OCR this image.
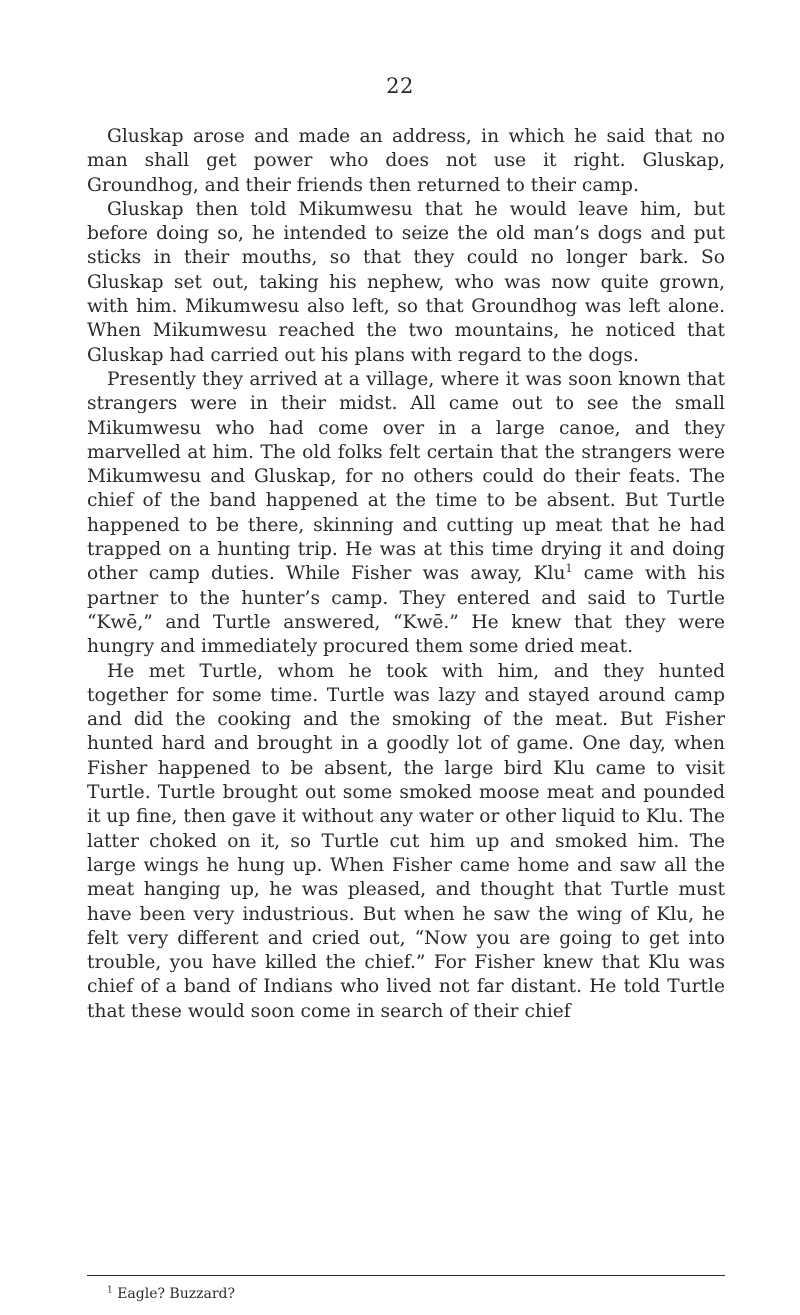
22

Gluskap arose and made an address, in which he said that no man shall get power who does not use it right. Gluskap, Groundhog, and their friends then returned to their camp.

Gluskap then told Mikumwesu that he would leave him, but before doing so, he intended to seize the old man’s dogs and put sticks in their mouths, so that they could no longer bark. So Gluskap set out, taking his nephew, who was now quite grown, with him. Mikumwesu also left, so that Groundhog was left alone. When Mikumwesu reached the two mountains, he noticed that Gluskap had carried out his plans with regard to the dogs.

Presently they arrived at a village, where it was soon known that strangers were in their midst. All came out to see the small Mikumwesu who had come over in a large canoe, and they marvelled at him. The old folks felt certain that the strangers were Mikumwesu and Gluskap, for no others could do their feats. The chief of the band happened at the time to be absent. But Turtle happened to be there, skinning and cutting up meat that he had trapped on a hunting trip. He was at this time drying it and doing other camp duties. While Fisher was away, Klu$^1$ came with his partner to the hunter’s camp. They entered and said to Turtle “Kwē,” and Turtle answered, “Kwē.” He knew that they were hungry and immediately procured them some dried meat.

He met Turtle, whom he took with him, and they hunted together for some time. Turtle was lazy and stayed around camp and did the cooking and the smoking of the meat. But Fisher hunted hard and brought in a goodly lot of game. One day, when Fisher happened to be absent, the large bird Klu came to visit Turtle. Turtle brought out some smoked moose meat and pounded it up fine, then gave it without any water or other liquid to Klu. The latter choked on it, so Turtle cut him up and smoked him. The large wings he hung up. When Fisher came home and saw all the meat hanging up, he was pleased, and thought that Turtle must have been very industrious. But when he saw the wing of Klu, he felt very different and cried out, “Now you are going to get into trouble, you have killed the chief.” For Fisher knew that Klu was chief of a band of Indians who lived not far distant. He told Turtle that these would soon come in search of their chief

$^1$ Eagle? Buzzard?
